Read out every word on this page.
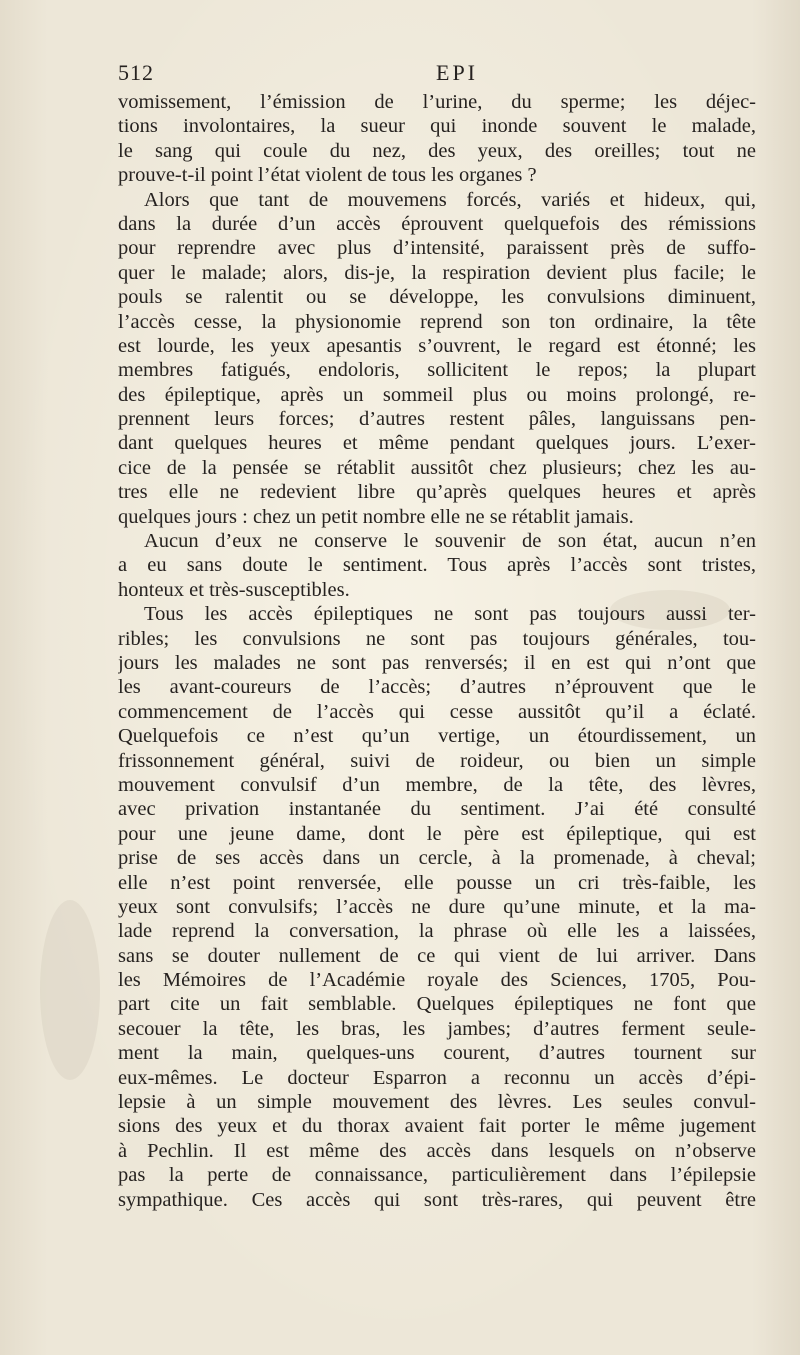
512	EPI
vomissement, l’émission de l’urine, du sperme; les déjec-
tions involontaires, la sueur qui inonde souvent le malade,
le sang qui coule du nez, des yeux, des oreilles; tout ne
prouve-t-il point l’état violent de tous les organes ?
Alors que tant de mouvemens forcés, variés et hideux, qui,
dans la durée d’un accès éprouvent quelquefois des rémissions
pour reprendre avec plus d’intensité, paraissent près de suffo-
quer le malade; alors, dis-je, la respiration devient plus facile; le
pouls se ralentit ou se développe, les convulsions diminuent,
l’accès cesse, la physionomie reprend son ton ordinaire, la tête
est lourde, les yeux apesantis s’ouvrent, le regard est étonné; les
membres fatigués, endoloris, sollicitent le repos; la plupart
des épileptique, après un sommeil plus ou moins prolongé, re-
prennent leurs forces; d’autres restent pâles, languissans pen-
dant quelques heures et même pendant quelques jours. L’exer-
cice de la pensée se rétablit aussitôt chez plusieurs; chez les au-
tres elle ne redevient libre qu’après quelques heures et après
quelques jours : chez un petit nombre elle ne se rétablit jamais.
Aucun d’eux ne conserve le souvenir de son état, aucun n’en
a eu sans doute le sentiment. Tous après l’accès sont tristes,
honteux et très-susceptibles.
Tous les accès épileptiques ne sont pas toujours aussi ter-
ribles; les convulsions ne sont pas toujours générales, tou-
jours les malades ne sont pas renversés; il en est qui n’ont que
les avant-coureurs de l’accès; d’autres n’éprouvent que le
commencement de l’accès qui cesse aussitôt qu’il a éclaté.
Quelquefois ce n’est qu’un vertige, un étourdissement, un
frissonnement général, suivi de roideur, ou bien un simple
mouvement convulsif d’un membre, de la tête, des lèvres,
avec privation instantanée du sentiment. J’ai été consulté
pour une jeune dame, dont le père est épileptique, qui est
prise de ses accès dans un cercle, à la promenade, à cheval;
elle n’est point renversée, elle pousse un cri très-faible, les
yeux sont convulsifs; l’accès ne dure qu’une minute, et la ma-
lade reprend la conversation, la phrase où elle les a laissées,
sans se douter nullement de ce qui vient de lui arriver. Dans
les Mémoires de l’Académie royale des Sciences, 1705, Pou-
part cite un fait semblable. Quelques épileptiques ne font que
secouer la tête, les bras, les jambes; d’autres ferment seule-
ment la main, quelques-uns courent, d’autres tournent sur
eux-mêmes. Le docteur Esparron a reconnu un accès d’épi-
lepsie à un simple mouvement des lèvres. Les seules convul-
sions des yeux et du thorax avaient fait porter le même jugement
à Pechlin. Il est même des accès dans lesquels on n’observe
pas la perte de connaissance, particulièrement dans l’épilepsie
sympathique. Ces accès qui sont très-rares, qui peuvent être
